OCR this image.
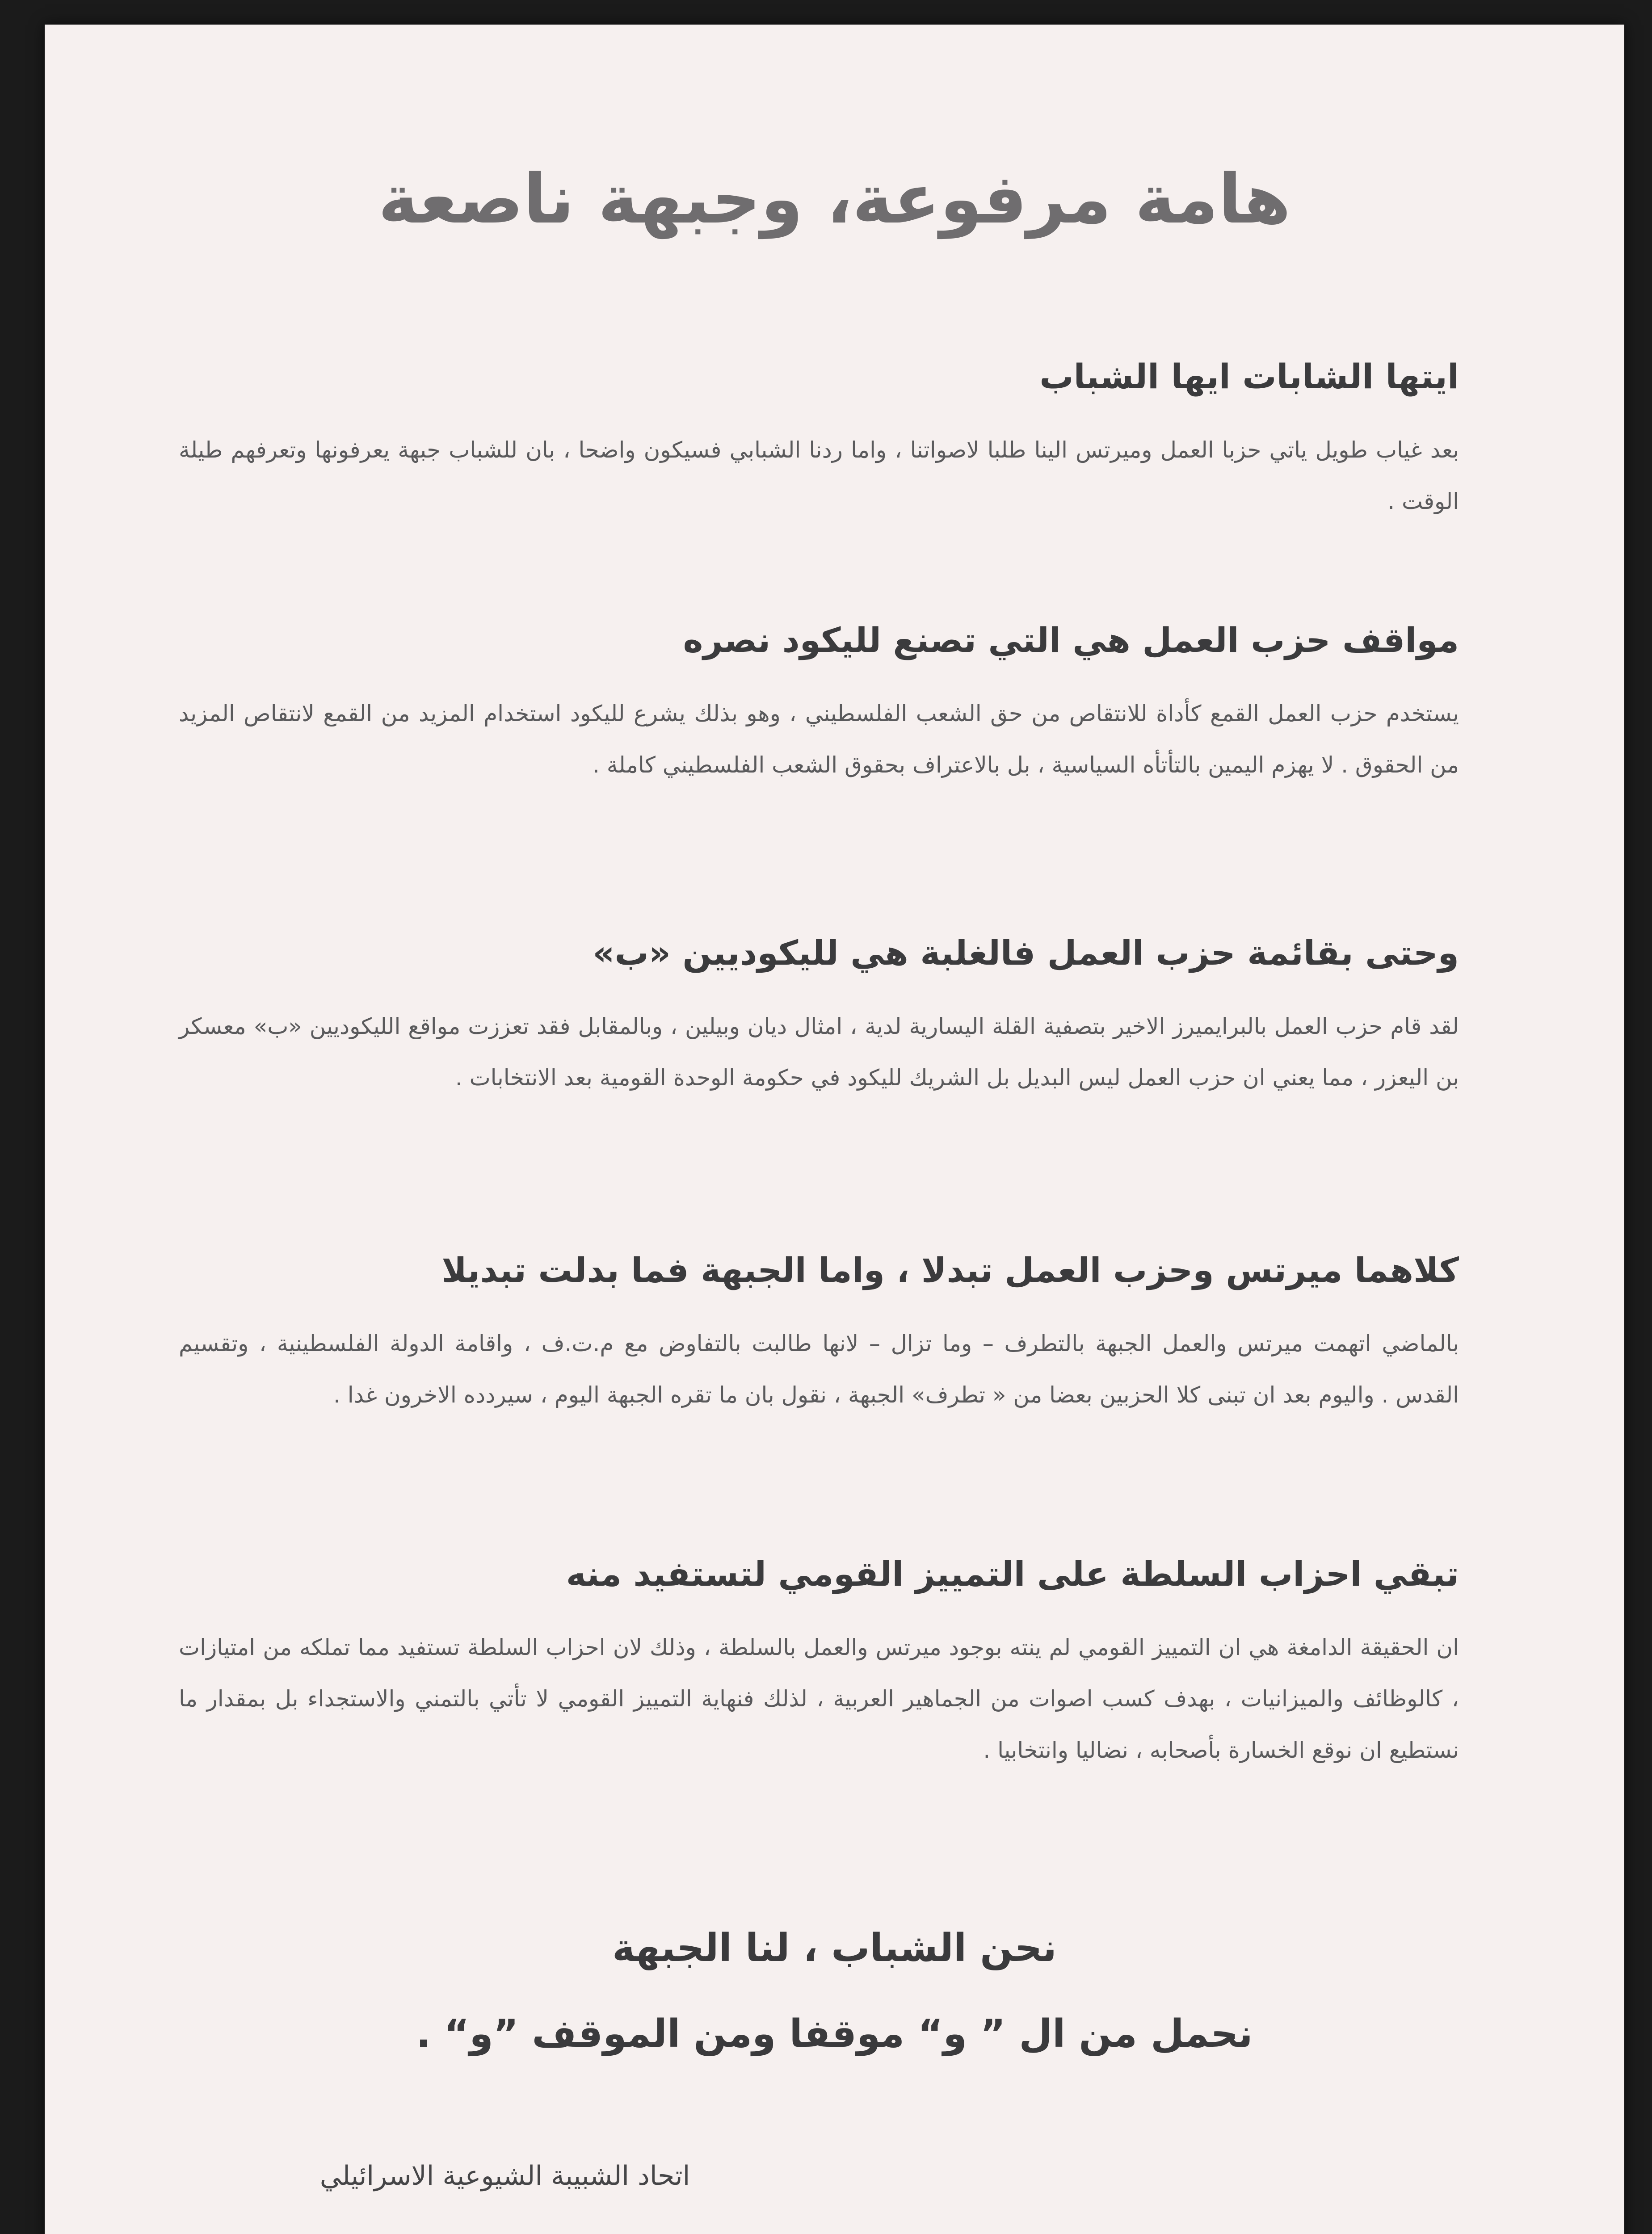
هامة مرفوعة، وجبهة ناصعة
ايتها الشابات ايها الشباب

بعد غياب طويل ياتي حزبا العمل وميرتس الينا طلبا لاصواتنا ، واما ردنا الشبابي فسيكون واضحا ، بان للشباب جبهة يعرفونها وتعرفهم طيلة الوقت .

مواقف حزب العمل هي التي تصنع لليكود نصره

يستخدم حزب العمل القمع كأداة للانتقاص من حق الشعب الفلسطيني ، وهو بذلك يشرع لليكود استخدام المزيد من القمع لانتقاص المزيد من الحقوق . لا يهزم اليمين بالتأتأه السياسية ، بل بالاعتراف بحقوق الشعب الفلسطيني كاملة .

وحتى بقائمة حزب العمل فالغلبة هي لليكوديين «ب»

لقد قام حزب العمل بالبرايميرز الاخير بتصفية القلة اليسارية لدية ، امثال ديان وبيلين ، وبالمقابل فقد تعززت مواقع الليكوديين «ب» معسكر بن اليعزر ، مما يعني ان حزب العمل ليس البديل بل الشريك لليكود في حكومة الوحدة القومية بعد الانتخابات .

كلاهما ميرتس وحزب العمل تبدلا ، واما الجبهة فما بدلت تبديلا

بالماضي اتهمت ميرتس والعمل الجبهة بالتطرف – وما تزال – لانها طالبت بالتفاوض مع م.ت.ف ، واقامة الدولة الفلسطينية ، وتقسيم القدس . واليوم بعد ان تبنى كلا الحزبين بعضا من « تطرف» الجبهة ، نقول بان ما تقره الجبهة اليوم ، سيردده الاخرون غدا .

تبقي احزاب السلطة على التمييز القومي لتستفيد منه

ان الحقيقة الدامغة هي ان التمييز القومي لم ينته بوجود ميرتس والعمل بالسلطة ، وذلك لان احزاب السلطة تستفيد مما تملكه من امتيازات ، كالوظائف والميزانيات ، بهدف كسب اصوات من الجماهير العربية ، لذلك فنهاية التمييز القومي لا تأتي بالتمني والاستجداء بل بمقدار ما نستطيع ان نوقع الخسارة بأصحابه ، نضاليا وانتخابيا .

نحن الشباب ، لنا الجبهة
نحمل من ال ” و“ موقفا ومن الموقف ”و“ .
اتحاد الشبيبة الشيوعية الاسرائيلي
